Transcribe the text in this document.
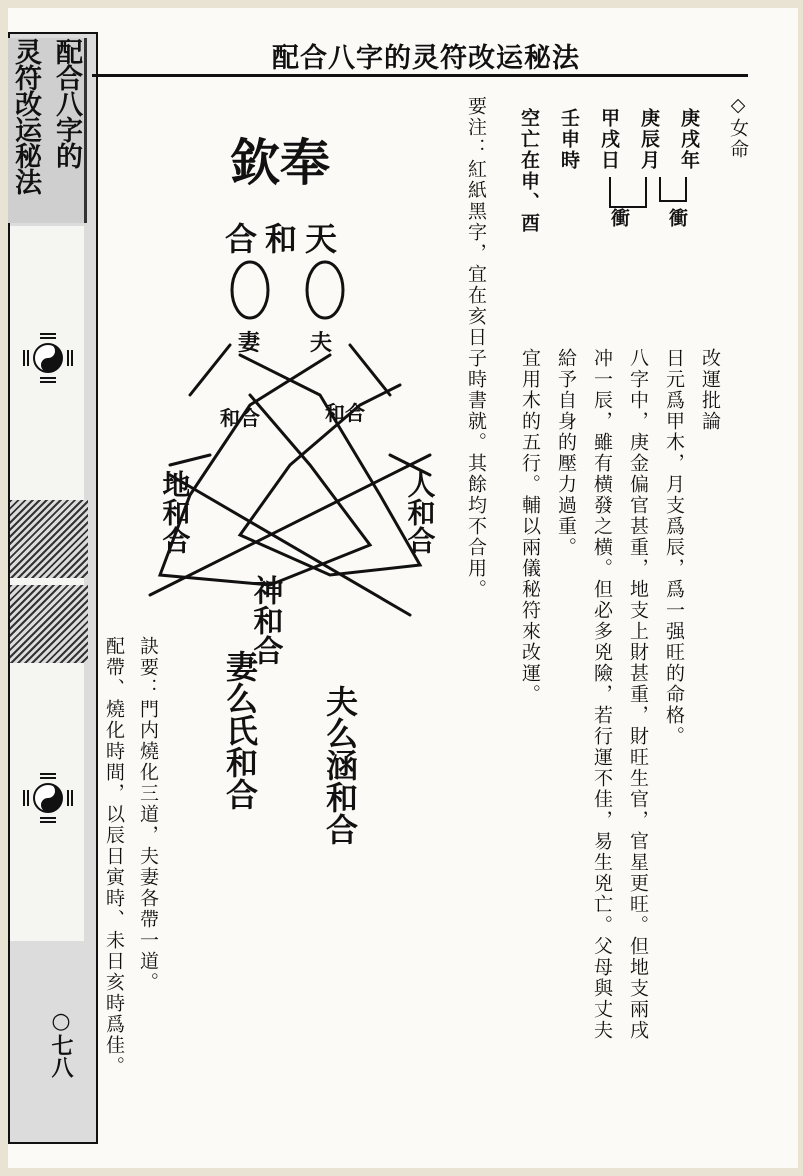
配合八字的
灵符改运秘法
○七八
配合八字的灵符改运秘法
◇女命
庚戌年
庚辰月
甲戌日
壬申時
空亡在申、酉	衝
衝
要注：紅紙黑字，宜在亥日子時書就。其餘均不合用。	改運批論
日元爲甲木，月支爲辰，爲一强旺的命格。
八字中，庚金偏官甚重，地支上財甚重，財旺生官，官星更旺。但地支兩戌
冲一辰，雖有横發之横。但必多兇險，若行運不佳，易生兇亡。父母與丈夫
給予自身的壓力過重。
宜用木的五行。輔以兩儀秘符來改運。
訣要：門内燒化三道，夫妻各帶一道。
配帶、燒化時間，以辰日寅時、未日亥時爲佳。
欽奉
合 和 天
妻 夫
和合	和合
地和合	人和合
神和合
妻么氏和合 夫么涵和合
